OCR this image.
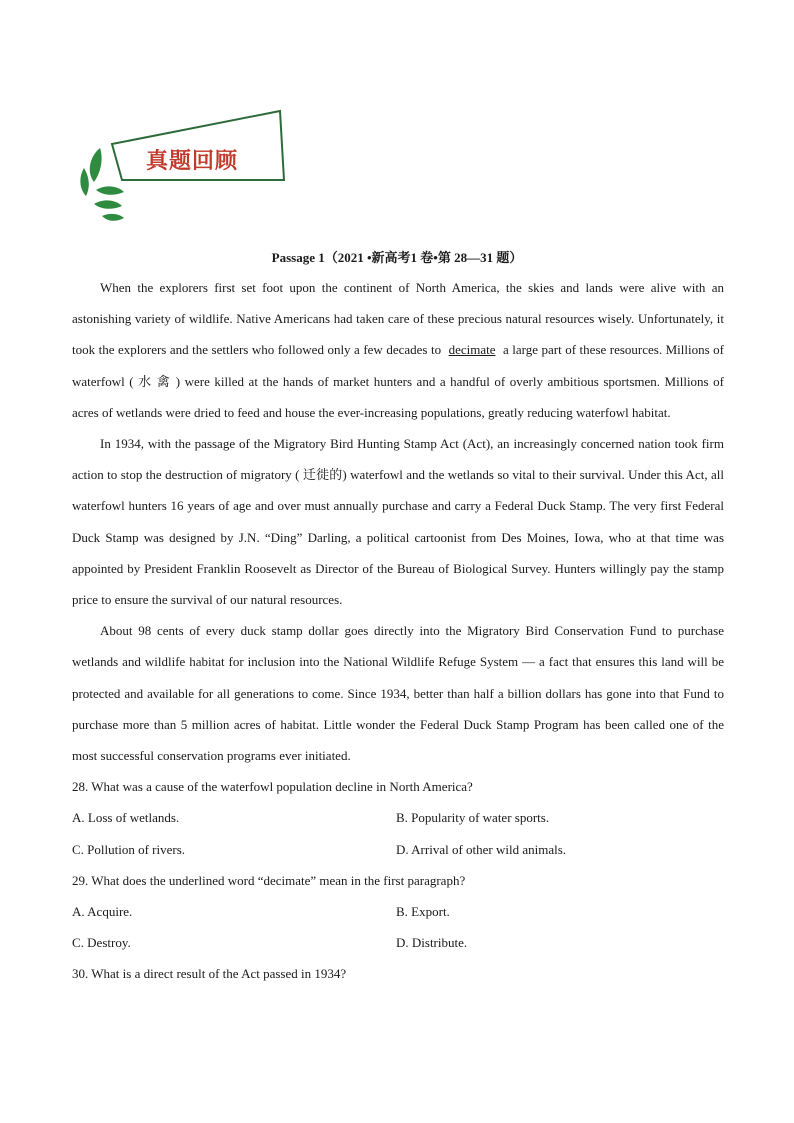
真题回顾
Passage 1（2021 •新高考1 卷•第 28—31 题）

When the explorers first set foot upon the continent of North America, the skies and lands were alive with an astonishing variety of wildlife. Native Americans had taken care of these precious natural resources wisely. Unfortunately, it took the explorers and the settlers who followed only a few decades to decimate a large part of these resources. Millions of waterfowl ( 水 禽 ) were killed at the hands of market hunters and a handful of overly ambitious sportsmen. Millions of acres of wetlands were dried to feed and house the ever-increasing populations, greatly reducing waterfowl habitat.

In 1934, with the passage of the Migratory Bird Hunting Stamp Act (Act), an increasingly concerned nation took firm action to stop the destruction of migratory ( 迁徙的) waterfowl and the wetlands so vital to their survival. Under this Act, all waterfowl hunters 16 years of age and over must annually purchase and carry a Federal Duck Stamp. The very first Federal Duck Stamp was designed by J.N. “Ding” Darling, a political cartoonist from Des Moines, Iowa, who at that time was appointed by President Franklin Roosevelt as Director of the Bureau of Biological Survey. Hunters willingly pay the stamp price to ensure the survival of our natural resources.

About 98 cents of every duck stamp dollar goes directly into the Migratory Bird Conservation Fund to purchase wetlands and wildlife habitat for inclusion into the National Wildlife Refuge System — a fact that ensures this land will be protected and available for all generations to come. Since 1934, better than half a billion dollars has gone into that Fund to purchase more than 5 million acres of habitat. Little wonder the Federal Duck Stamp Program has been called one of the most successful conservation programs ever initiated.

28. What was a cause of the waterfowl population decline in North America?

A. Loss of wetlands.	B. Popularity of water sports.
C. Pollution of rivers.	D. Arrival of other wild animals.

29. What does the underlined word “decimate” mean in the first paragraph?

A. Acquire.	B. Export.
C. Destroy.	D. Distribute.

30. What is a direct result of the Act passed in 1934?
